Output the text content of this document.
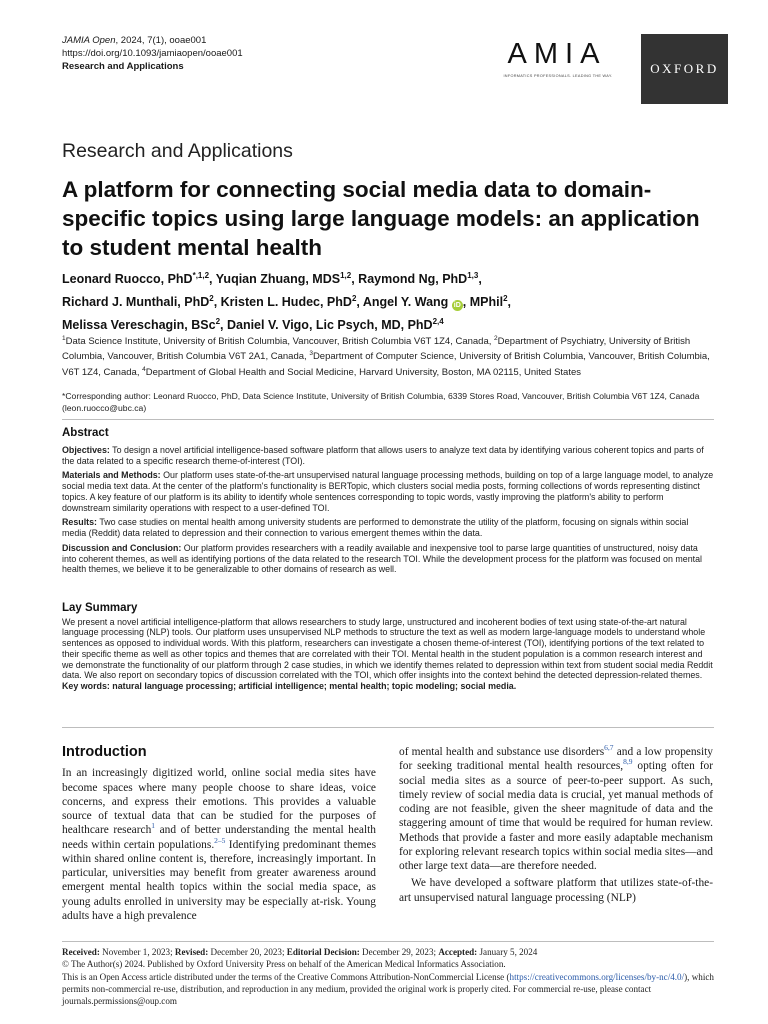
JAMIA Open, 2024, 7(1), ooae001
https://doi.org/10.1093/jamiaopen/ooae001
Research and Applications	AMIA
INFORMATICS PROFESSIONALS. LEADING THE WAY.	OXFORD
Research and Applications
A platform for connecting social media data to domain-specific topics using large language models: an application to student mental health
Leonard Ruocco, PhD$^{*,1,2}$, Yuqian Zhuang, MDS$^{1,2}$, Raymond Ng, PhD$^{1,3}$,
Richard J. Munthali, PhD$^2$, Kristen L. Hudec, PhD$^2$, Angel Y. Wang iD , MPhil$^2$,
Melissa Vereschagin, BSc$^2$, Daniel V. Vigo, Lic Psych, MD, PhD$^{2,4}$
$^1$Data Science Institute, University of British Columbia, Vancouver, British Columbia V6T 1Z4, Canada, $^2$Department of Psychiatry, University of British Columbia, Vancouver, British Columbia V6T 2A1, Canada, $^3$Department of Computer Science, University of British Columbia, Vancouver, British Columbia, V6T 1Z4, Canada, $^4$Department of Global Health and Social Medicine, Harvard University, Boston, MA 02115, United States
*Corresponding author: Leonard Ruocco, PhD, Data Science Institute, University of British Columbia, 6339 Stores Road, Vancouver, British Columbia V6T 1Z4, Canada (leon.ruocco@ubc.ca)
Abstract

Objectives: To design a novel artificial intelligence-based software platform that allows users to analyze text data by identifying various coherent topics and parts of the data related to a specific research theme-of-interest (TOI).

Materials and Methods: Our platform uses state-of-the-art unsupervised natural language processing methods, building on top of a large language model, to analyze social media text data. At the center of the platform's functionality is BERTopic, which clusters social media posts, forming collections of words representing distinct topics. A key feature of our platform is its ability to identify whole sentences corresponding to topic words, vastly improving the platform's ability to perform downstream similarity operations with respect to a user-defined TOI.

Results: Two case studies on mental health among university students are performed to demonstrate the utility of the platform, focusing on signals within social media (Reddit) data related to depression and their connection to various emergent themes within the data.

Discussion and Conclusion: Our platform provides researchers with a readily available and inexpensive tool to parse large quantities of unstructured, noisy data into coherent themes, as well as identifying portions of the data related to the research TOI. While the development process for the platform was focused on mental health themes, we believe it to be generalizable to other domains of research as well.

Lay Summary

We present a novel artificial intelligence-platform that allows researchers to study large, unstructured and incoherent bodies of text using state-of-the-art natural language processing (NLP) tools. Our platform uses unsupervised NLP methods to structure the text as well as modern large-language models to understand whole sentences as opposed to individual words. With this platform, researchers can investigate a chosen theme-of-interest (TOI), identifying portions of the text related to their specific theme as well as other topics and themes that are correlated with their TOI. Mental health in the student population is a common research interest and we demonstrate the functionality of our platform through 2 case studies, in which we identify themes related to depression within text from student social media Reddit data. We also report on secondary topics of discussion correlated with the TOI, which offer insights into the context behind the detected depression-related themes.

Key words: natural language processing; artificial intelligence; mental health; topic modeling; social media.

Introduction

In an increasingly digitized world, online social media sites have become spaces where many people choose to share ideas, voice concerns, and express their emotions. This provides a valuable source of textual data that can be studied for the purposes of healthcare research$^1$ and of better understanding the mental health needs within certain populations.$^{2-5}$ Identifying predominant themes within shared online content is, therefore, increasingly important. In particular, universities may benefit from greater awareness around emergent mental health topics within the social media space, as young adults enrolled in university may be especially at-risk. Young adults have a high prevalence

of mental health and substance use disorders$^{6,7}$ and a low propensity for seeking traditional mental health resources,$^{8,9}$ opting often for social media sites as a source of peer-to-peer support. As such, timely review of social media data is crucial, yet manual methods of coding are not feasible, given the sheer magnitude of data and the staggering amount of time that would be required for human review. Methods that provide a faster and more easily adaptable mechanism for exploring relevant research topics within social media sites—and other large text data—are therefore needed.

We have developed a software platform that utilizes state-of-the-art unsupervised natural language processing (NLP)

Received: November 1, 2023; Revised: December 20, 2023; Editorial Decision: December 29, 2023; Accepted: January 5, 2024
© The Author(s) 2024. Published by Oxford University Press on behalf of the American Medical Informatics Association.
This is an Open Access article distributed under the terms of the Creative Commons Attribution-NonCommercial License (https://creativecommons.org/licenses/by-nc/4.0/), which permits non-commercial re-use, distribution, and reproduction in any medium, provided the original work is properly cited. For commercial re-use, please contact journals.permissions@oup.com
